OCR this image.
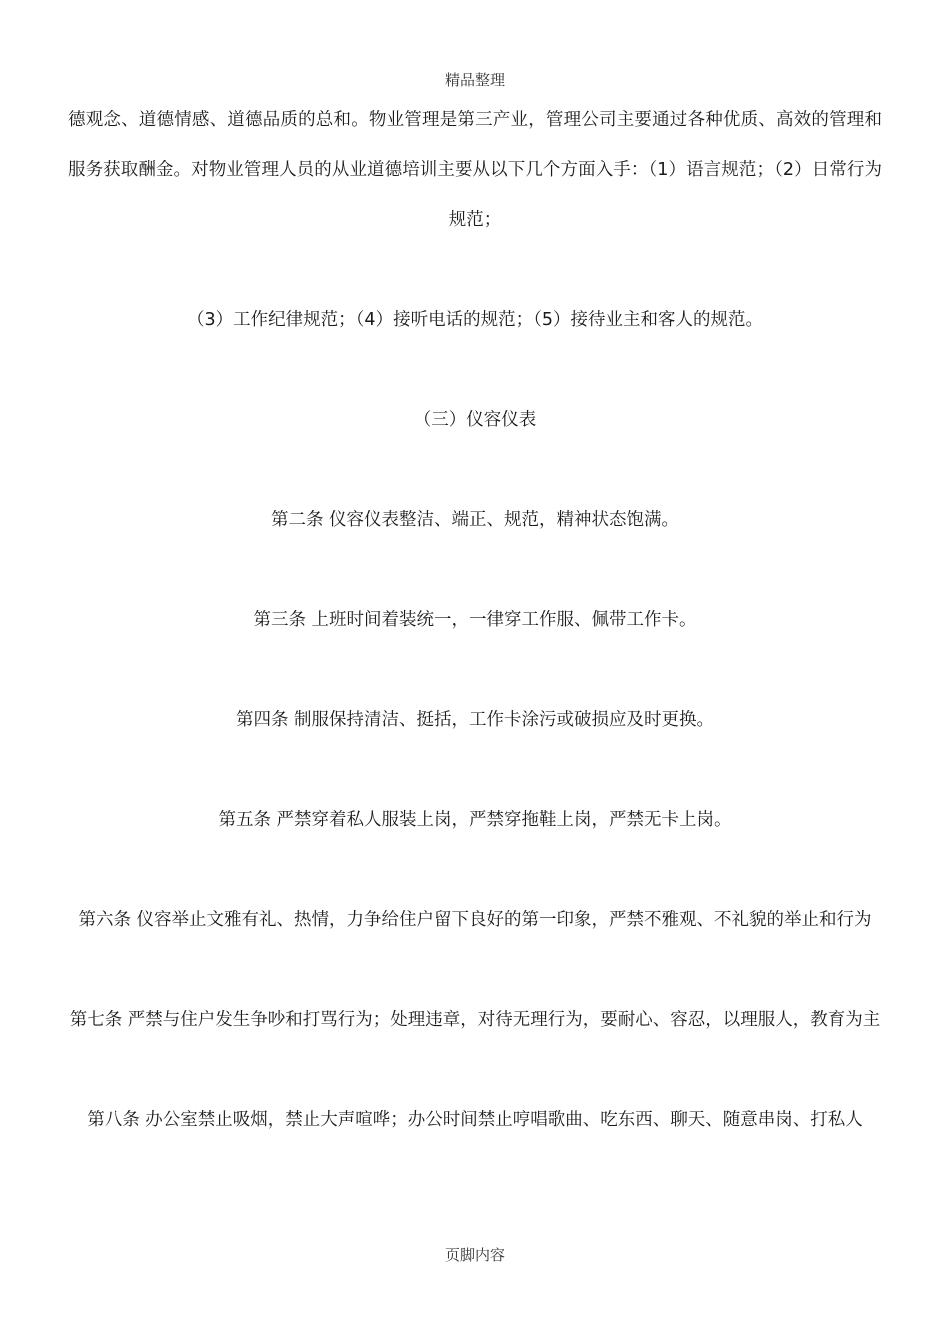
精品整理

德观念、道德情感、道德品质的总和。物业管理是第三产业，管理公司主要通过各种优质、高效的管理和服务获取酬金。对物业管理人员的从业道德培训主要从以下几个方面入手：（1）语言规范；（2）日常行为规范；

（3）工作纪律规范；（4）接听电话的规范；（5）接待业主和客人的规范。

（三）仪容仪表

第二条 仪容仪表整洁、端正、规范，精神状态饱满。

第三条 上班时间着装统一，一律穿工作服、佩带工作卡。

第四条 制服保持清洁、挺括，工作卡涂污或破损应及时更换。

第五条 严禁穿着私人服装上岗，严禁穿拖鞋上岗，严禁无卡上岗。

第六条 仪容举止文雅有礼、热情，力争给住户留下良好的第一印象，严禁不雅观、不礼貌的举止和行为

第七条 严禁与住户发生争吵和打骂行为；处理违章，对待无理行为，要耐心、容忍，以理服人，教育为主

第八条 办公室禁止吸烟，禁止大声喧哗；办公时间禁止哼唱歌曲、吃东西、聊天、随意串岗、打私人

页脚内容
